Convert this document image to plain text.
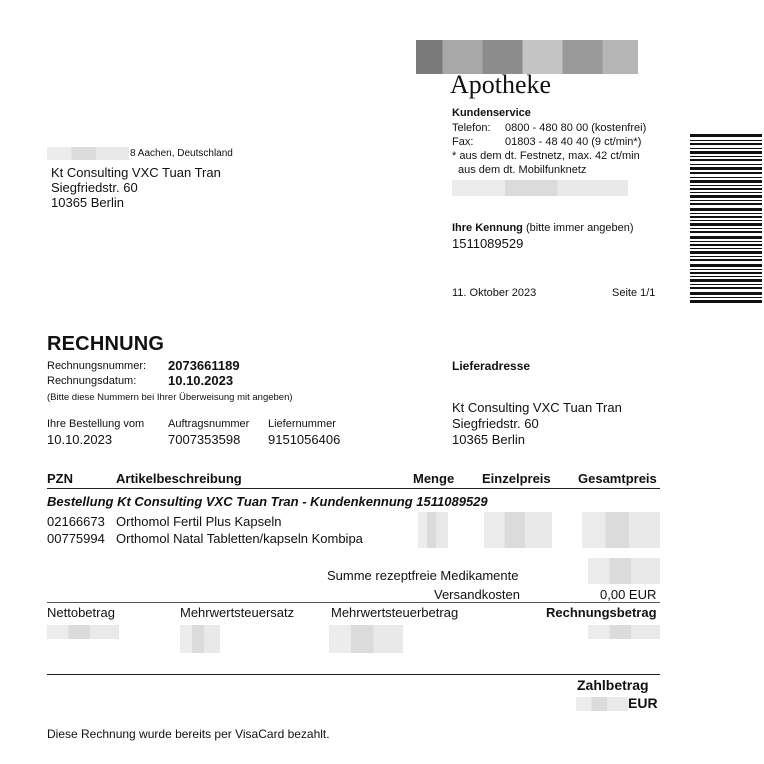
Apotheke
Kundenservice
Telefon: 0800 - 480 80 00 (kostenfrei)
Fax:	01803 - 48 40 40 (9 ct/min*)
* aus dem dt. Festnetz, max. 42 ct/min
aus dem dt. Mobilfunknetz
8 Aachen, Deutschland
Kt Consulting VXC Tuan Tran
Siegfriedstr. 60
10365 Berlin
Ihre Kennung (bitte immer angeben)
1511089529
11. Oktober 2023	Seite 1/1
RECHNUNG
Rechnungsnummer: 2073661189
Rechnungsdatum: 10.10.2023
(Bitte diese Nummern bei Ihrer Überweisung mit angeben)
Ihre Bestellung vom
10.10.2023
Auftragsnummer
7007353598
Liefernummer
9151056406
Lieferadresse
Kt Consulting VXC Tuan Tran
Siegfriedstr. 60
10365 Berlin
PZN	Artikelbeschreibung	Menge Einzelpreis Gesamtpreis
Bestellung Kt Consulting VXC Tuan Tran - Kundenkennung 1511089529
02166673 Orthomol Fertil Plus Kapseln
00775994 Orthomol Natal Tabletten/kapseln Kombipa
Summe rezeptfreie Medikamente
Versandkosten	0,00 EUR
Nettobetrag	Mehrwertsteuersatz	Mehrwertsteuerbetrag	Rechnungsbetrag
Zahlbetrag
EUR
Diese Rechnung wurde bereits per VisaCard bezahlt.
